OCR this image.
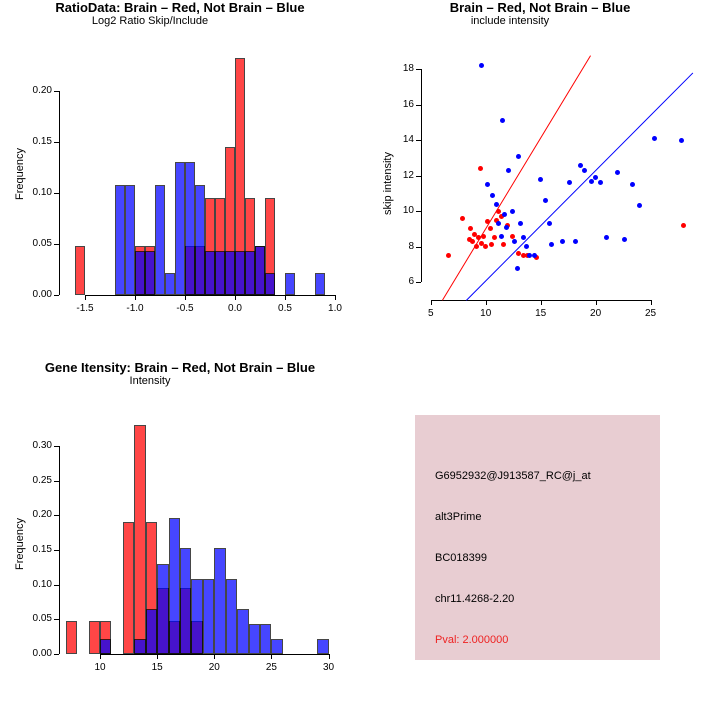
RatioData: Brain – Red, Not Brain – Blue
Frequency
Log2 Ratio Skip/Include
-1.5	-1.0	-0.5	0.0	0.5	1.0
0.00
0.05
0.10
0.15
0.20
Brain – Red, Not Brain – Blue
skip intensity
include intensity
5	10	15	20	25
6
8
10
12
14
16
18
Gene Itensity: Brain – Red, Not Brain – Blue
Frequency
Intensity
10	15	20	25	30
0.00
0.05
0.10
0.15
0.20
0.25
0.30
G6952932@J913587_RC@j_at
alt3Prime
BC018399
chr11.4268-2.20
Pval: 2.000000
